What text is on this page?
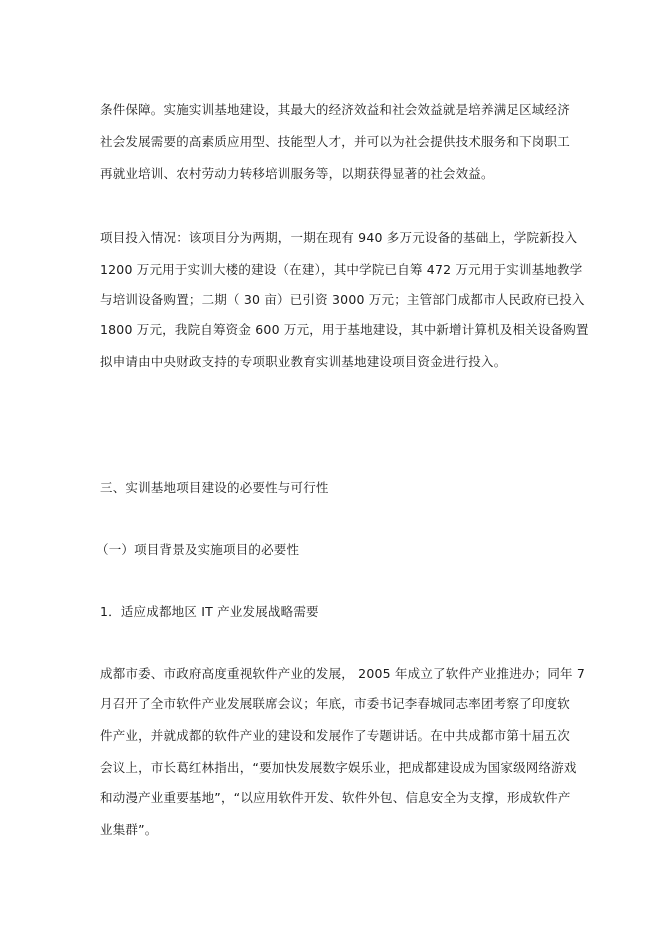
条件保障。实施实训基地建设，其最大的经济效益和社会效益就是培养满足区域经济

社会发展需要的高素质应用型、技能型人才，并可以为社会提供技术服务和下岗职工

再就业培训、农村劳动力转移培训服务等，以期获得显著的社会效益。

项目投入情况：该项目分为两期，一期在现有 940 多万元设备的基础上，学院新投入

1200 万元用于实训大楼的建设（在建），其中学院已自筹 472 万元用于实训基地教学

与培训设备购置；二期（ 30 亩）已引资 3000 万元；主管部门成都市人民政府已投入

1800 万元，我院自筹资金 600 万元，用于基地建设，其中新增计算机及相关设备购置

拟申请由中央财政支持的专项职业教育实训基地建设项目资金进行投入。

三、实训基地项目建设的必要性与可行性

（一）项目背景及实施项目的必要性

1．适应成都地区 IT 产业发展战略需要

成都市委、市政府高度重视软件产业的发展， 2005 年成立了软件产业推进办；同年 7

月召开了全市软件产业发展联席会议；年底，市委书记李春城同志率团考察了印度软

件产业，并就成都的软件产业的建设和发展作了专题讲话。在中共成都市第十届五次

会议上，市长葛红林指出，“要加快发展数字娱乐业，把成都建设成为国家级网络游戏

和动漫产业重要基地”，“以应用软件开发、软件外包、信息安全为支撑，形成软件产

业集群”。
